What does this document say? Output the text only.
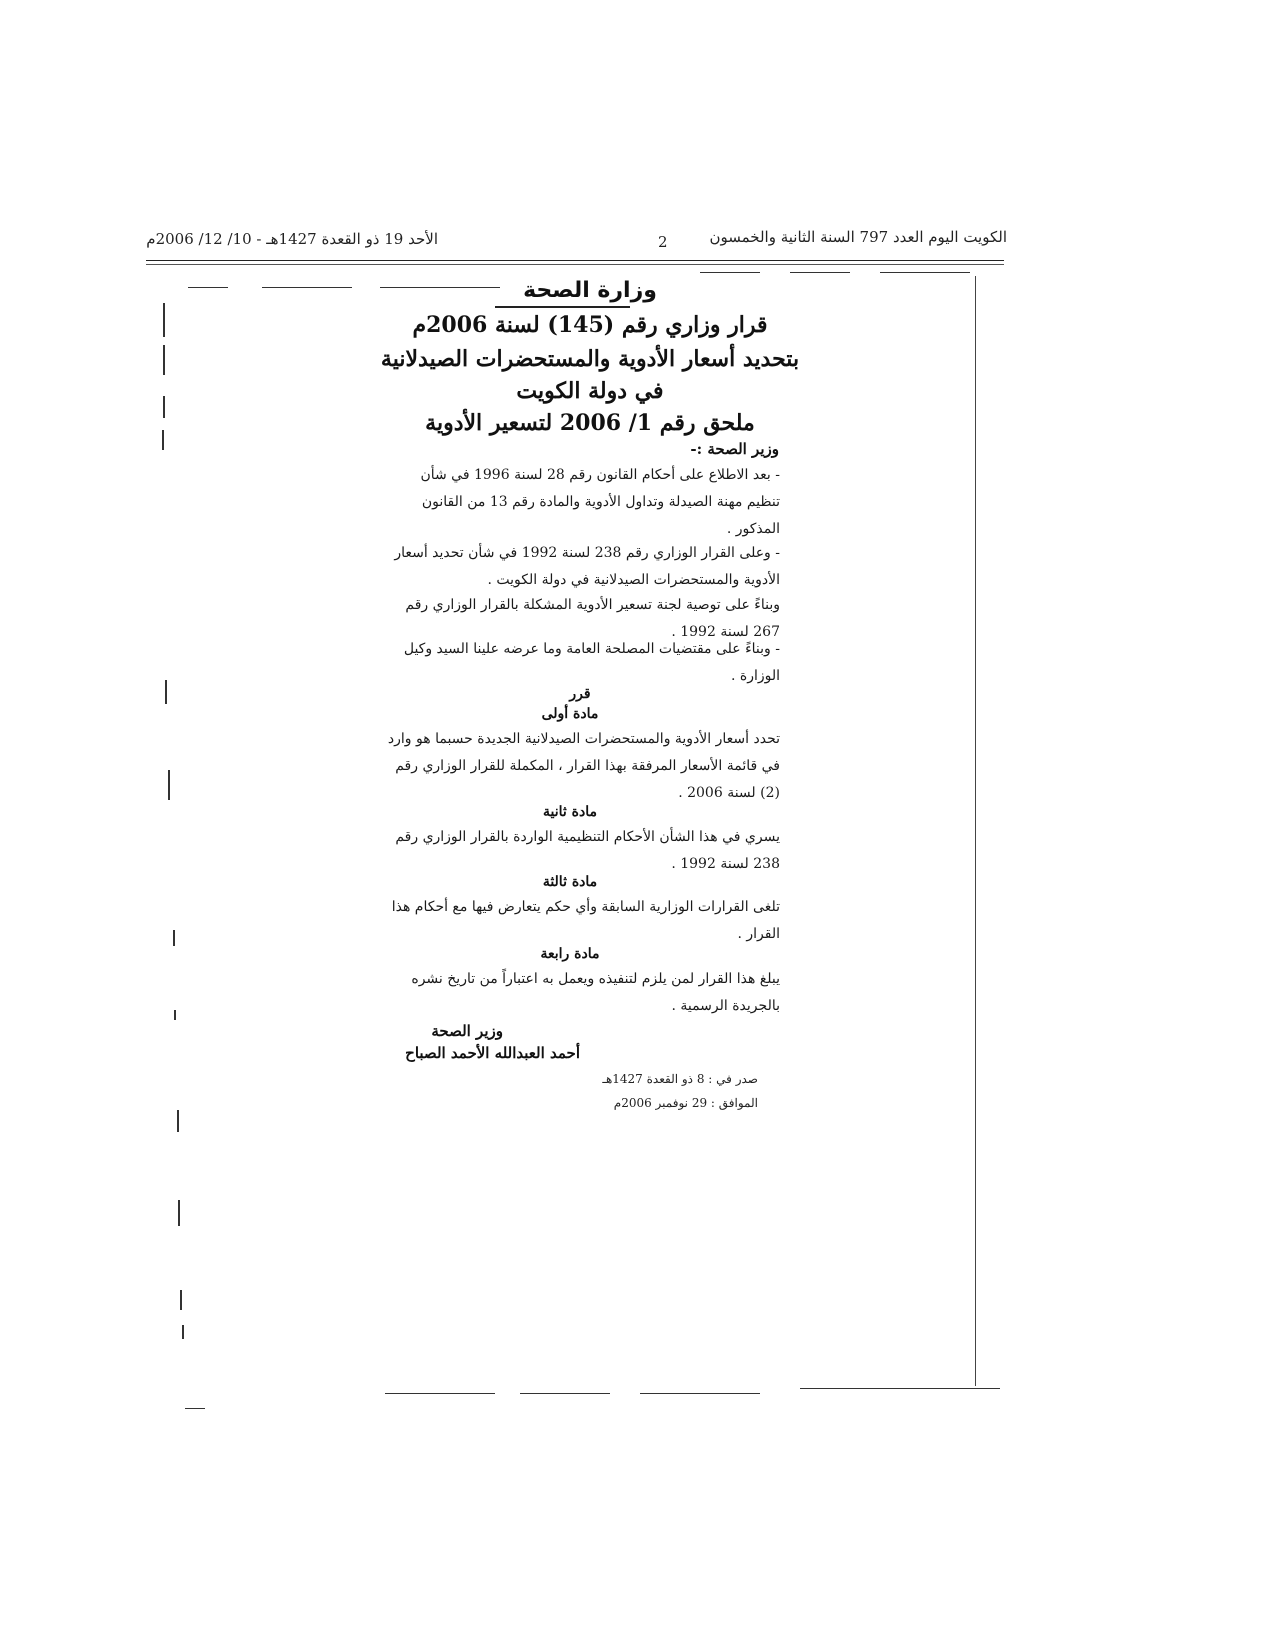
الكويت اليوم العدد 797 السنة الثانية والخمسون
2
الأحد 19 ذو القعدة 1427هـ - 10/ 12/ 2006م
وزارة الصحة
قرار وزاري رقم (145) لسنة 2006م
بتحديد أسعار الأدوية والمستحضرات الصيدلانية
في دولة الكويت
ملحق رقم 1/ 2006 لتسعير الأدوية
وزير الصحة :-
- بعد الاطلاع على أحكام القانون رقم 28 لسنة 1996 في شأن تنظيم مهنة الصيدلة وتداول الأدوية والمادة رقم 13 من القانون المذكور .
- وعلى القرار الوزاري رقم 238 لسنة 1992 في شأن تحديد أسعار الأدوية والمستحضرات الصيدلانية في دولة الكويت .
وبناءً على توصية لجنة تسعير الأدوية المشكلة بالقرار الوزاري رقم 267 لسنة 1992 .
- وبناءً على مقتضيات المصلحة العامة وما عرضه علينا السيد وكيل الوزارة .
قرر
مادة أولى
تحدد أسعار الأدوية والمستحضرات الصيدلانية الجديدة حسبما هو وارد في قائمة الأسعار المرفقة بهذا القرار ، المكملة للقرار الوزاري رقم (2) لسنة 2006 .
مادة ثانية
يسري في هذا الشأن الأحكام التنظيمية الواردة بالقرار الوزاري رقم 238 لسنة 1992 .
مادة ثالثة
تلغى القرارات الوزارية السابقة وأي حكم يتعارض فيها مع أحكام هذا القرار .
مادة رابعة
يبلغ هذا القرار لمن يلزم لتنفيذه ويعمل به اعتباراً من تاريخ نشره بالجريدة الرسمية .
وزير الصحة
أحمد العبدالله الأحمد الصباح
صدر في : 8 ذو القعدة 1427هـ
الموافق : 29 نوفمبر 2006م
